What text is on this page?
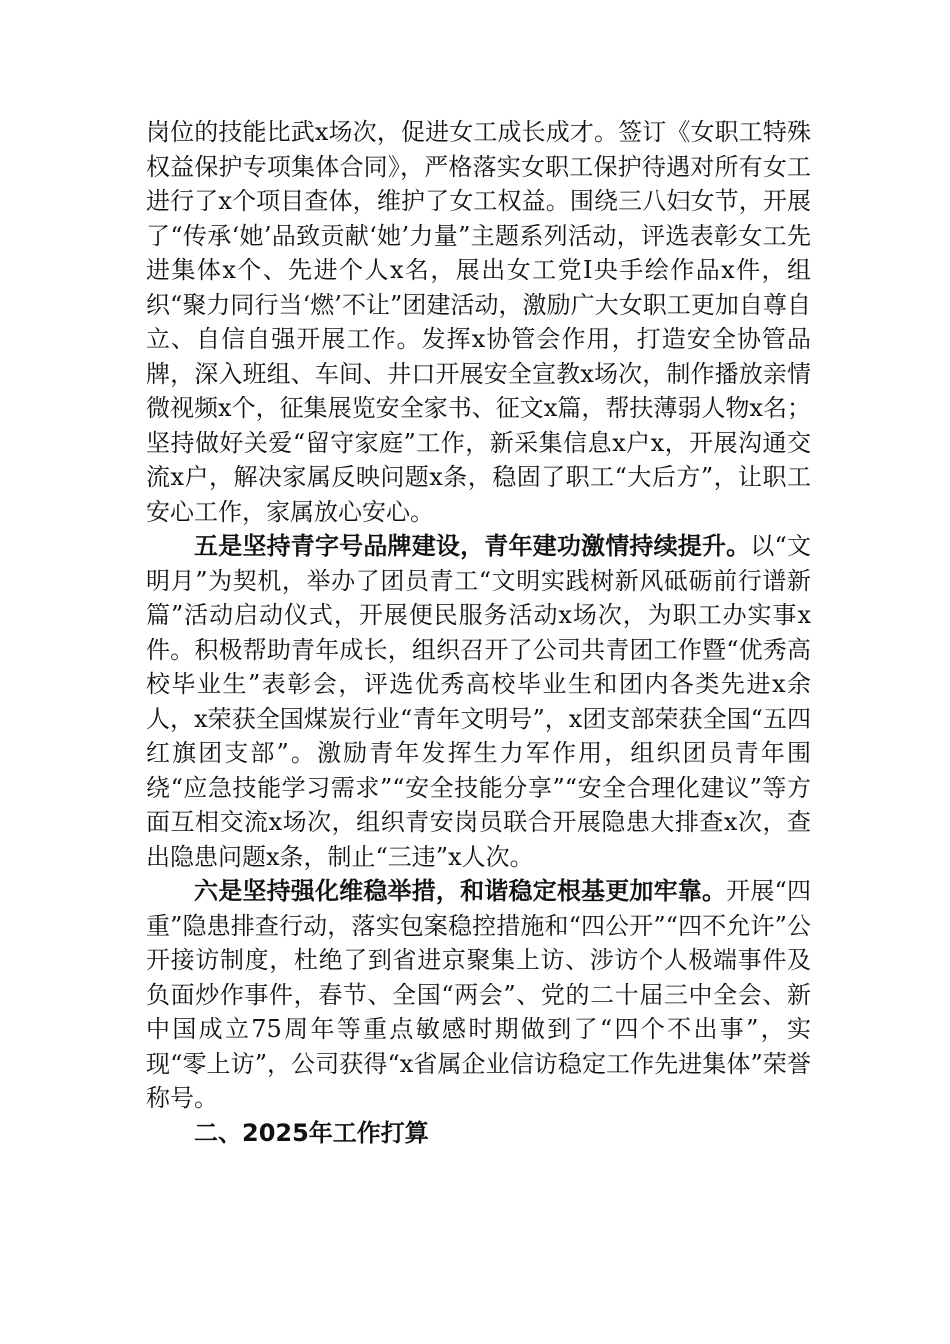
岗位的技能比武x场次，促进女工成长成才。签订《女职工特殊权益保护专项集体合同》，严格落实女职工保护待遇对所有女工进行了x个项目查体，维护了女工权益。围绕三八妇女节，开展了“传承‘她’品致贡献‘她’力量”主题系列活动，评选表彰女工先进集体x个、先进个人x名，展出女工党I央手绘作品x件，组织“聚力同行当‘燃’不让”团建活动，激励广大女职工更加自尊自立、自信自强开展工作。发挥x协管会作用，打造安全协管品牌，深入班组、车间、井口开展安全宣教x场次，制作播放亲情微视频x个，征集展览安全家书、征文x篇，帮扶薄弱人物x名；坚持做好关爱“留守家庭”工作，新采集信息x户x，开展沟通交流x户，解决家属反映问题x条，稳固了职工“大后方”，让职工安心工作，家属放心安心。

五是坚持青字号品牌建设，青年建功激情持续提升。以“文明月”为契机，举办了团员青工“文明实践树新风砥砺前行谱新篇”活动启动仪式，开展便民服务活动x场次，为职工办实事x件。积极帮助青年成长，组织召开了公司共青团工作暨“优秀高校毕业生”表彰会，评选优秀高校毕业生和团内各类先进x余人，x荣获全国煤炭行业“青年文明号”，x团支部荣获全国“五四红旗团支部”。激励青年发挥生力军作用，组织团员青年围绕“应急技能学习需求”“安全技能分享”“安全合理化建议”等方面互相交流x场次，组织青安岗员联合开展隐患大排查x次，查出隐患问题x条，制止“三违”x人次。

六是坚持强化维稳举措，和谐稳定根基更加牢靠。开展“四重”隐患排查行动，落实包案稳控措施和“四公开”“四不允许”公开接访制度，杜绝了到省进京聚集上访、涉访个人极端事件及负面炒作事件，春节、全国“两会”、党的二十届三中全会、新中国成立75周年等重点敏感时期做到了“四个不出事”，实现“零上访”，公司获得“x省属企业信访稳定工作先进集体”荣誉称号。

二、2025年工作打算
